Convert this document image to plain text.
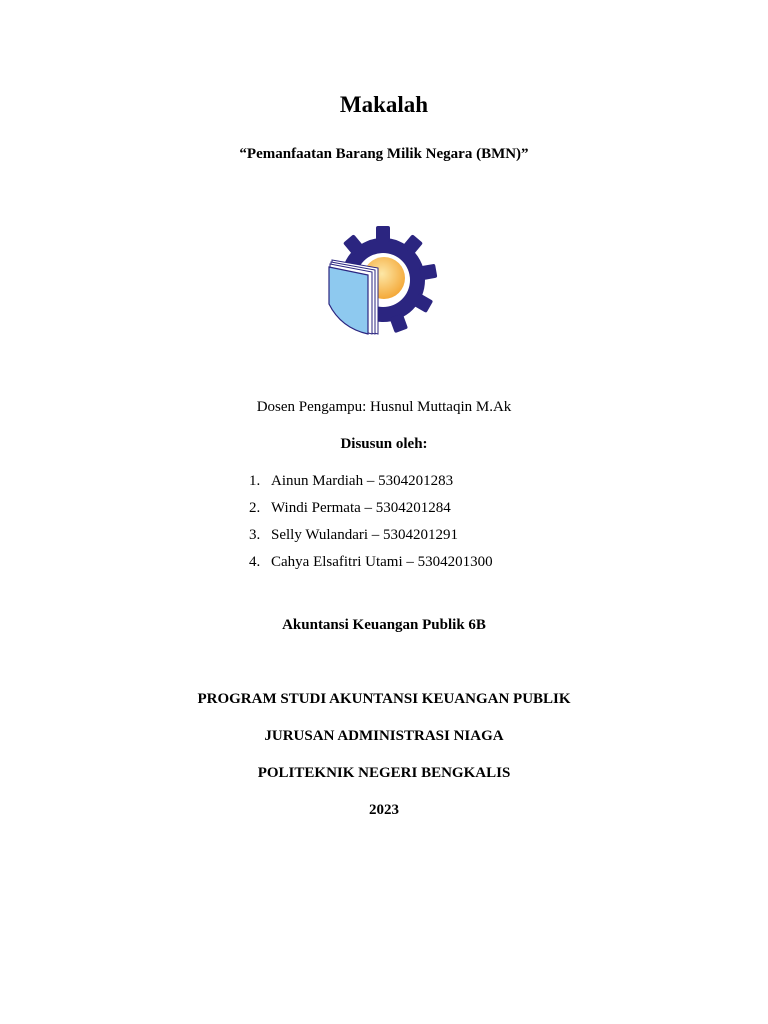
Makalah
“Pemanfaatan Barang Milik Negara (BMN)”
Dosen Pengampu: Husnul Muttaqin M.Ak
Disusun oleh:
1. Ainun Mardiah – 5304201283
2. Windi Permata – 5304201284
3. Selly Wulandari – 5304201291
4. Cahya Elsafitri Utami – 5304201300
Akuntansi Keuangan Publik 6B
PROGRAM STUDI AKUNTANSI KEUANGAN PUBLIK
JURUSAN ADMINISTRASI NIAGA
POLITEKNIK NEGERI BENGKALIS
2023
